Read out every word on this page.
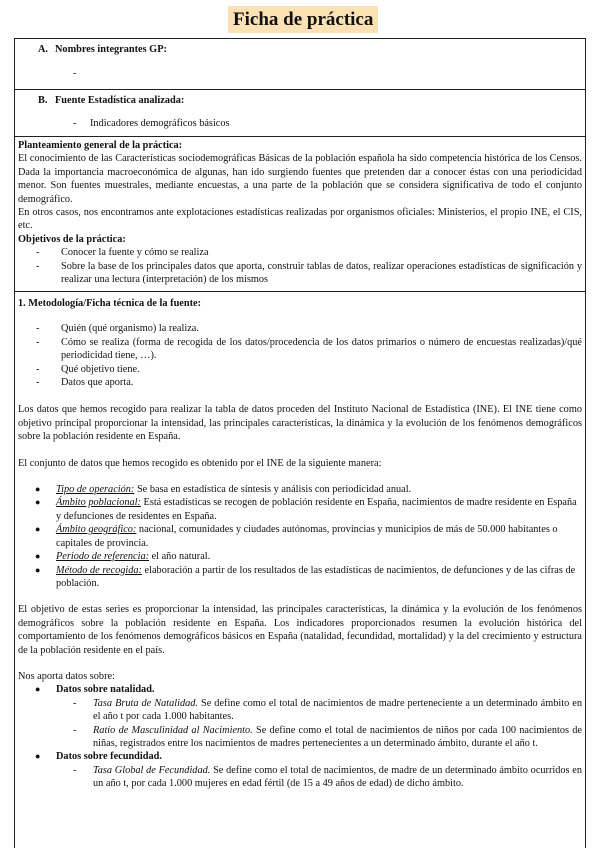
Ficha de práctica
A. Nombres integrantes GP:
-
B. Fuente Estadística analizada:
- Indicadores demográficos básicos

Planteamiento general de la práctica:

El conocimiento de las Características sociodemográficas Básicas de la población española ha sido competencia histórica de los Censos. Dada la importancia macroeconómica de algunas, han ido surgiendo fuentes que pretenden dar a conocer éstas con una periodicidad menor. Son fuentes muestrales, mediante encuestas, a una parte de la población que se considera significativa de todo el conjunto demográfico.

En otros casos, nos encontramos ante explotaciones estadísticas realizadas por organismos oficiales: Ministerios, el propio INE, el CIS, etc.

Objetivos de la práctica:

- Conocer la fuente y cómo se realiza
- Sobre la base de los principales datos que aporta, construir tablas de datos, realizar operaciones estadísticas de significación y realizar una lectura (interpretación) de los mismos

1. Metodología/Ficha técnica de la fuente:

- Quién (qué organismo) la realiza.
- Cómo se realiza (forma de recogida de los datos/procedencia de los datos primarios o número de encuestas realizadas)/qué periodicidad tiene, …).
- Qué objetivo tiene.
- Datos que aporta.

Los datos que hemos recogido para realizar la tabla de datos proceden del Instituto Nacional de Estadística (INE). El INE tiene como objetivo principal proporcionar la intensidad, las principales características, la dinámica y la evolución de los fenómenos demográficos sobre la población residente en España.

El conjunto de datos que hemos recogido es obtenido por el INE de la siguiente manera:

● Tipo de operación: Se basa en estadística de síntesis y análisis con periodicidad anual.
● Ámbito poblacional: Está estadísticas se recogen de población residente en España, nacimientos de madre residente en España y defunciones de residentes en España.
● Ámbito geográfico: nacional, comunidades y ciudades autónomas, provincias y municipios de más de 50.000 habitantes o capitales de provincia.
● Periodo de referencia: el año natural.
● Método de recogida: elaboración a partir de los resultados de las estadísticas de nacimientos, de defunciones y de las cifras de población.

El objetivo de estas series es proporcionar la intensidad, las principales características, la dinámica y la evolución de los fenómenos demográficos sobre la población residente en España. Los indicadores proporcionados resumen la evolución histórica del comportamiento de los fenómenos demográficos básicos en España (natalidad, fecundidad, mortalidad) y la del crecimiento y estructura de la población residente en el país.

Nos aporta datos sobre:

● Datos sobre natalidad.
- Tasa Bruta de Natalidad. Se define como el total de nacimientos de madre perteneciente a un determinado ámbito en el año t por cada 1.000 habitantes.
- Ratio de Masculinidad al Nacimiento. Se define como el total de nacimientos de niños por cada 100 nacimientos de niñas, registrados entre los nacimientos de madres pertenecientes a un determinado ámbito, durante el año t.
● Datos sobre fecundidad.
- Tasa Global de Fecundidad. Se define como el total de nacimientos, de madre de un determinado ámbito ocurridos en un año t, por cada 1.000 mujeres en edad fértil (de 15 a 49 años de edad) de dicho ámbito.
